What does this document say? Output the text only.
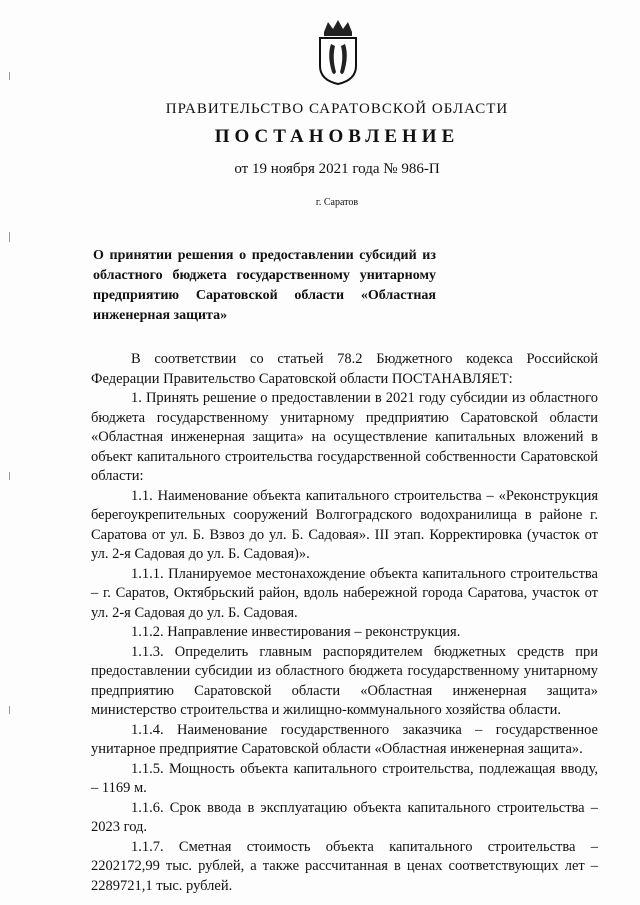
ПРАВИТЕЛЬСТВО САРАТОВСКОЙ ОБЛАСТИ
ПОСТАНОВЛЕНИЕ
от 19 ноября 2021 года № 986-П
г. Саратов
О принятии решения о предоставлении субсидий из областного бюджета государственному унитарному предприятию Саратовской области «Областная инженерная защита»

В соответствии со статьей 78.2 Бюджетного кодекса Российской Федерации Правительство Саратовской области ПОСТАНАВЛЯЕТ:

1. Принять решение о предоставлении в 2021 году субсидии из областного бюджета государственному унитарному предприятию Саратовской области «Областная инженерная защита» на осуществление капитальных вложений в объект капитального строительства государственной собственности Саратовской области:

1.1. Наименование объекта капитального строительства – «Реконструкция берегоукрепительных сооружений Волгоградского водохранилища в районе г. Саратова от ул. Б. Взвоз до ул. Б. Садовая». III этап. Корректировка (участок от ул. 2-я Садовая до ул. Б. Садовая)».

1.1.1. Планируемое местонахождение объекта капитального строительства – г. Саратов, Октябрьский район, вдоль набережной города Саратова, участок от ул. 2-я Садовая до ул. Б. Садовая.

1.1.2. Направление инвестирования – реконструкция.

1.1.3. Определить главным распорядителем бюджетных средств при предоставлении субсидии из областного бюджета государственному унитарному предприятию Саратовской области «Областная инженерная защита» министерство строительства и жилищно-коммунального хозяйства области.

1.1.4. Наименование государственного заказчика – государственное унитарное предприятие Саратовской области «Областная инженерная защита».

1.1.5. Мощность объекта капитального строительства, подлежащая вводу, – 1169 м.

1.1.6. Срок ввода в эксплуатацию объекта капитального строительства – 2023 год.

1.1.7. Сметная стоимость объекта капитального строительства – 2202172,99 тыс. рублей, а также рассчитанная в ценах соответствующих лет – 2289721,1 тыс. рублей.
